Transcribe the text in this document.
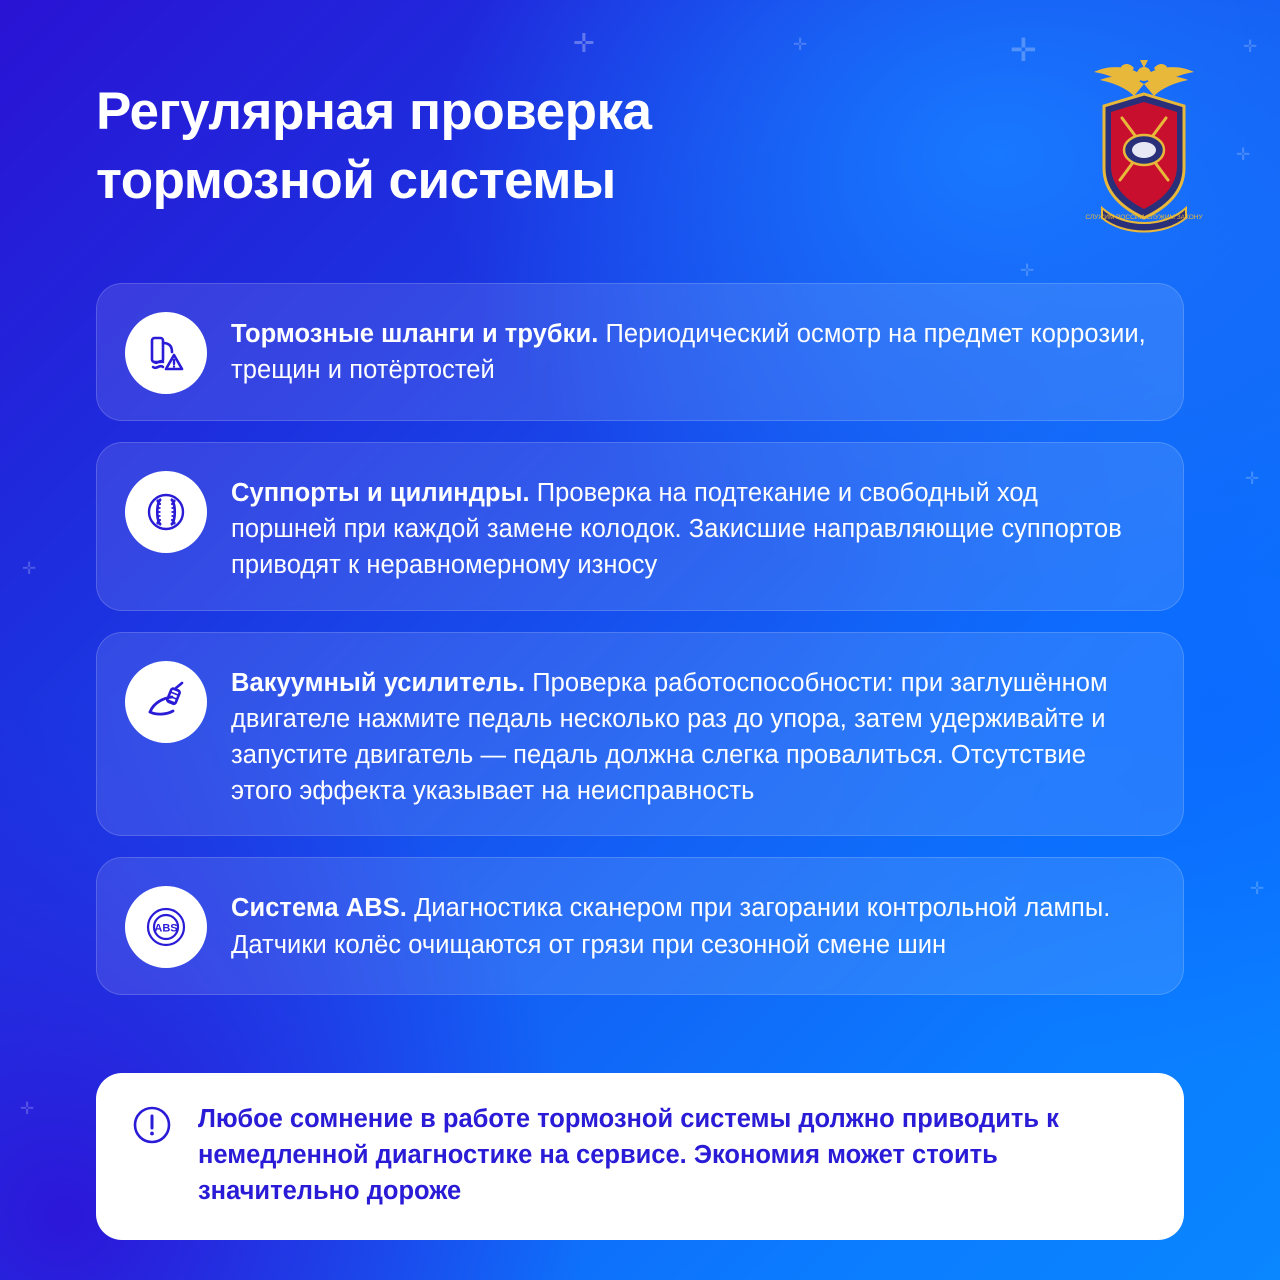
✛	✛	✛	✛
✛
✛
✛
✛
✛
✛
Регулярная проверка
тормозной системы
СЛУЖИМ РОССИИ СЛУЖИМ ЗАКОНУ
Тормозные шланги и трубки. Периодический осмотр на предмет коррозии, трещин и потёртостей
Суппорты и цилиндры. Проверка на подтекание и свободный ход поршней при каждой замене колодок. Закисшие направляющие суппортов приводят к неравномерному износу
Вакуумный усилитель. Проверка работоспособности: при заглушённом двигателе нажмите педаль несколько раз до упора, затем удерживайте и запустите двигатель — педаль должна слегка провалиться. Отсутствие этого эффекта указывает на неисправность
ABS
Система ABS. Диагностика сканером при загорании контрольной лампы. Датчики колёс очищаются от грязи при сезонной смене шин
Любое сомнение в работе тормозной системы должно приводить к немедленной диагностике на сервисе. Экономия может стоить значительно дороже
